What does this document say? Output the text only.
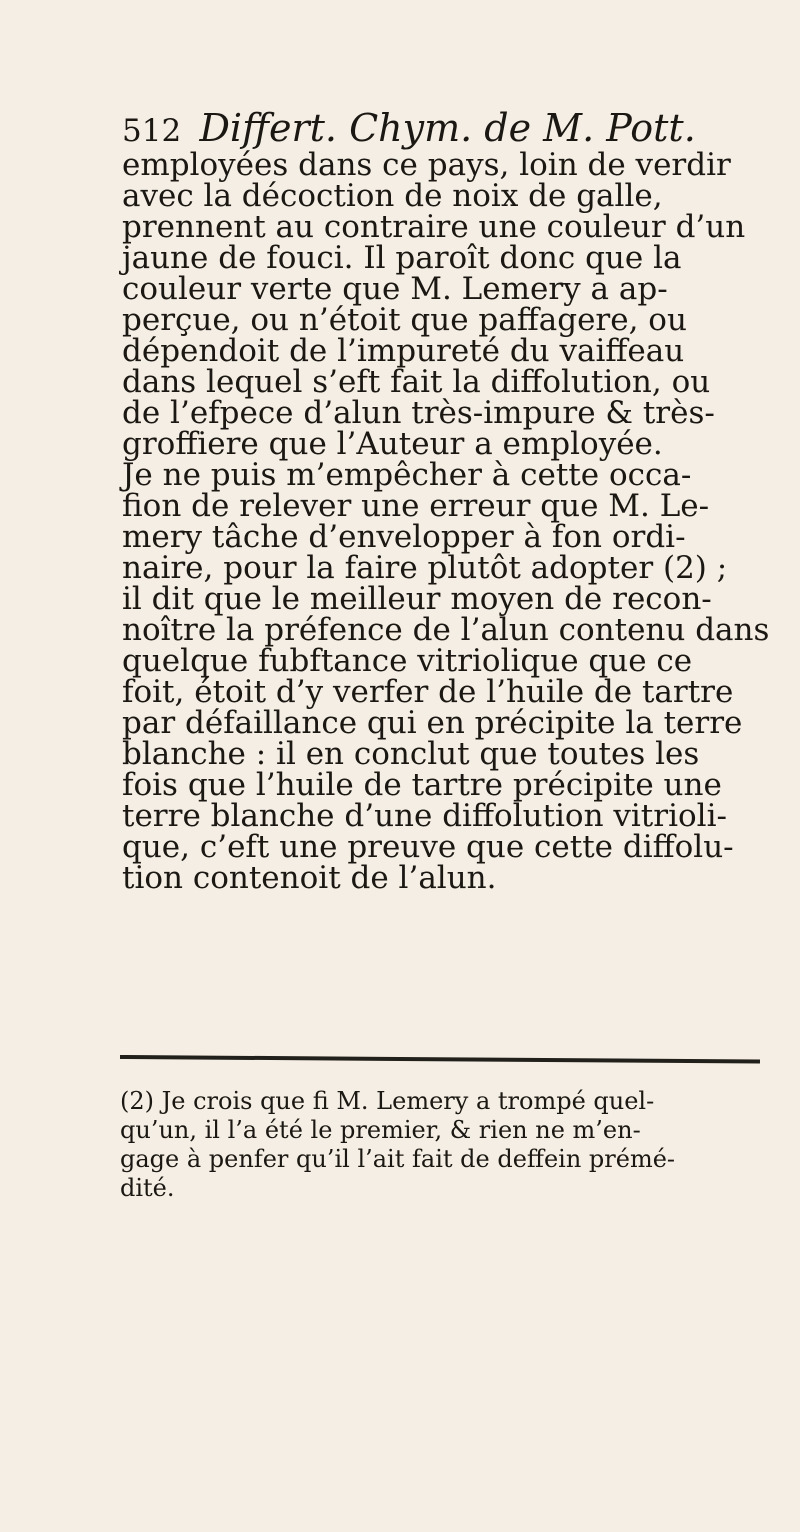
512 Differt. Chym. de M. Pott.
employées dans ce pays, loin de verdir
avec la décoction de noix de galle,
prennent au contraire une couleur d’un
jaune de fouci. Il paroît donc que la
couleur verte que M. Lemery a ap-
perçue, ou n’étoit que paffagere, ou
dépendoit de l’impureté du vaiffeau
dans lequel s’eft fait la diffolution, ou
de l’efpece d’alun très-impure & très-
groffiere que l’Auteur a employée.
Je ne puis m’empêcher à cette occa-
fion de relever une erreur que M. Le-
mery tâche d’envelopper à fon ordi-
naire, pour la faire plutôt adopter (2) ;
il dit que le meilleur moyen de recon-
noître la préfence de l’alun contenu dans
quelque fubftance vitriolique que ce
foit, étoit d’y verfer de l’huile de tartre
par défaillance qui en précipite la terre
blanche : il en conclut que toutes les
fois que l’huile de tartre précipite une
terre blanche d’une diffolution vitrioli-
que, c’eft une preuve que cette diffolu-
tion contenoit de l’alun.
(2) Je crois que fi M. Lemery a trompé quel-
qu’un, il l’a été le premier, & rien ne m’en-
gage à penfer qu’il l’ait fait de deffein prémé-
dité.
